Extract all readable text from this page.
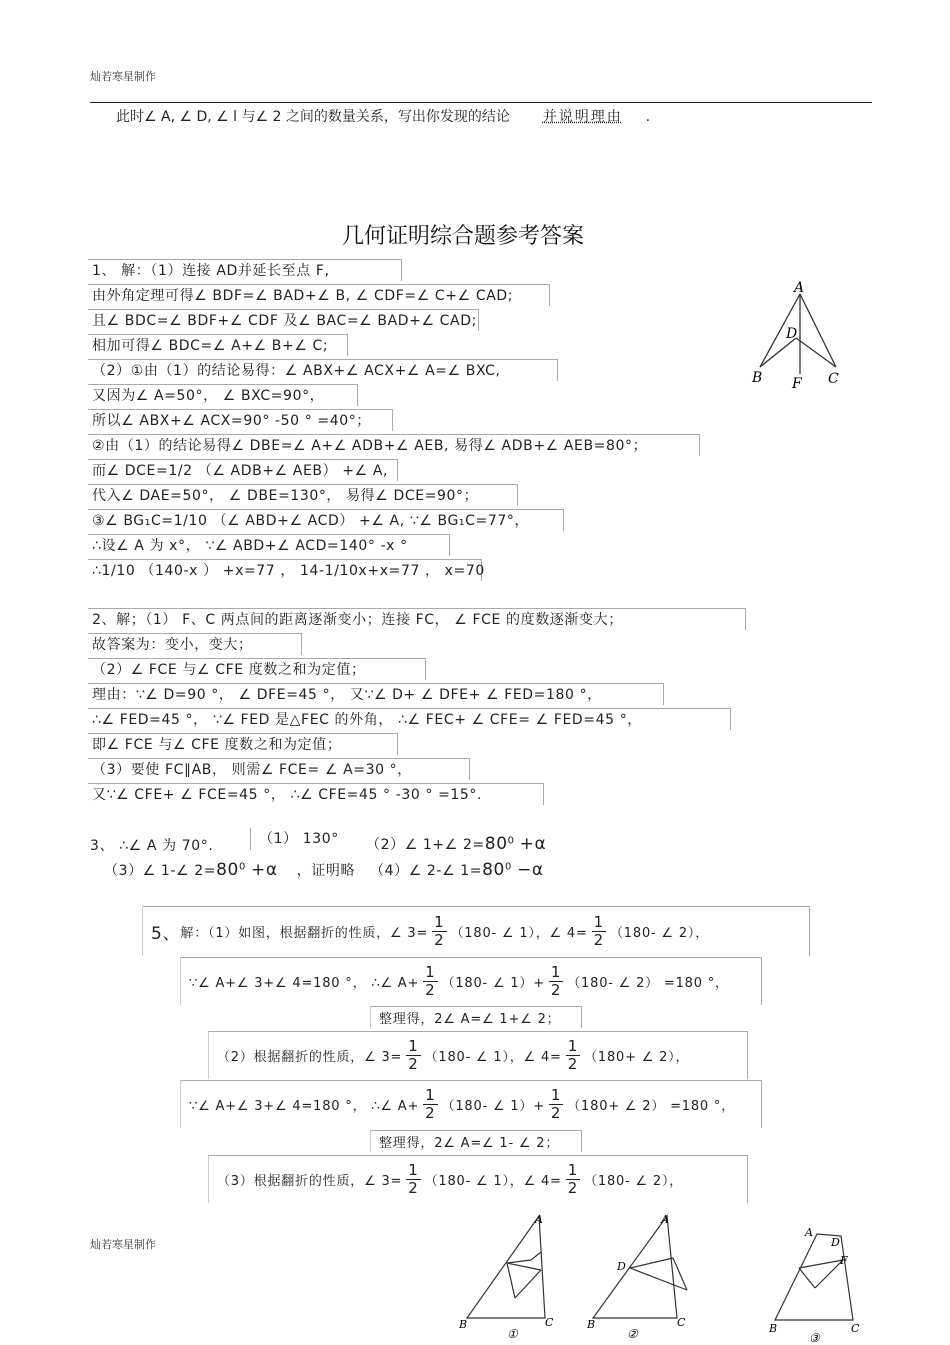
灿若寒星制作
此时∠ A, ∠ D, ∠ l 与∠ 2 之间的数量关系，写出你发现的结论 并说明理由 .
几何证明综合题参考答案
1、 解：（1）连接 AD并延长至点 F,
由外角定理可得∠ BDF=∠ BAD+∠ B, ∠ CDF=∠ C+∠ CAD;
且∠ BDC=∠ BDF+∠ CDF 及∠ BAC=∠ BAD+∠ CAD;
相加可得∠ BDC=∠ A+∠ B+∠ C;
（2）①由（1）的结论易得：∠ ABX+∠ ACX+∠ A=∠ BXC,
又因为∠ A=50°， ∠ BXC=90°，
所以∠ ABX+∠ ACX=90° -50 ° =40°；
②由（1）的结论易得∠ DBE=∠ A+∠ ADB+∠ AEB, 易得∠ ADB+∠ AEB=80°；
而∠ DCE=1/2 （∠ ADB+∠ AEB） +∠ A,
代入∠ DAE=50°， ∠ DBE=130°， 易得∠ DCE=90°；
③∠ BG₁C=1/10 （∠ ABD+∠ ACD） +∠ A, ∵∠ BG₁C=77°，
∴设∠ A 为 x°， ∵∠ ABD+∠ ACD=140° -x °
∴1/10 （140-x ） +x=77 ， 14-1/10x+x=77 ， x=70
A
D
B F C
2、解；（1） F、C 两点间的距离逐渐变小；连接 FC， ∠ FCE 的度数逐渐变大；
故答案为：变小，变大；
（2）∠ FCE 与∠ CFE 度数之和为定值；
理由：∵∠ D=90 °， ∠ DFE=45 °， 又∵∠ D+ ∠ DFE+ ∠ FED=180 °，
∴∠ FED=45 °， ∵∠ FED 是△FEC 的外角， ∴∠ FEC+ ∠ CFE= ∠ FED=45 °，
即∠ FCE 与∠ CFE 度数之和为定值；
（3）要使 FC∥AB， 则需∠ FCE= ∠ A=30 °，
又∵∠ CFE+ ∠ FCE=45 °， ∴∠ CFE=45 ° -30 ° =15°.
3、 ∴∠ A 为 70°.	（1） 130° （2）∠ 1+∠ $2=80^0 +\alpha$
（3）∠ 1-∠ $2=80^0 +\alpha$ ，证明略 （4）∠ 2-∠ $1=80^0 -\alpha$
5、 解：（1）如图，根据翻折的性质，∠ $3= \frac{1}{2} (180-$ ∠ 1），∠ $4= \frac{1}{2} (180-$ ∠ 2），
∵∠ A+∠ 3+∠ 4=180 °， ∴∠ $A+ \frac{1}{2} (180-$ ∠ $1)+ \frac{1}{2} (180-$ ∠ 2） =180 °，
整理得，2∠ A=∠ 1+∠ 2；
（2）根据翻折的性质，∠ $3= \frac{1}{2} (180-$ ∠ 1），∠ $4= \frac{1}{2} (180+$ ∠ 2），
∵∠ A+∠ 3+∠ 4=180 °， ∴∠ $A+ \frac{1}{2} (180-$ ∠ $1)+ \frac{1}{2} (180+$ ∠ 2） =180 °，
整理得，2∠ A=∠ 1- ∠ 2；
（3）根据翻折的性质，∠ $3= \frac{1}{2} (180-$ ∠ 1），∠ $4= \frac{1}{2} (180-$ ∠ 2），
灿若寒星制作
A
B	C
①
A
D
B	C
②
A
D
F
B	C
③
